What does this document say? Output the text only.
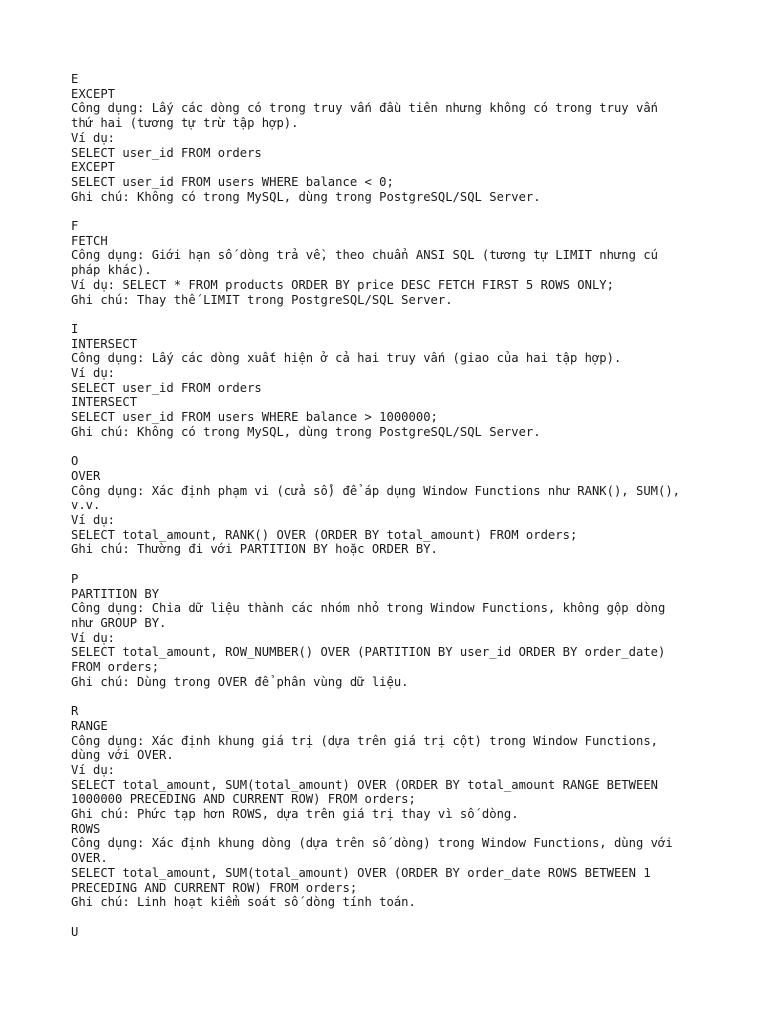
E
EXCEPT
Công dụng: Lấy các dòng có trong truy vấn đầu tiên nhưng không có trong truy vấn
thứ hai (tương tự trừ tập hợp).
Ví dụ:
SELECT user_id FROM orders
EXCEPT
SELECT user_id FROM users WHERE balance < 0;
Ghi chú: Không có trong MySQL, dùng trong PostgreSQL/SQL Server.
F
FETCH
Công dụng: Giới hạn số dòng trả về, theo chuẩn ANSI SQL (tương tự LIMIT nhưng cú
pháp khác).
Ví dụ: SELECT * FROM products ORDER BY price DESC FETCH FIRST 5 ROWS ONLY;
Ghi chú: Thay thế LIMIT trong PostgreSQL/SQL Server.
I
INTERSECT
Công dụng: Lấy các dòng xuất hiện ở cả hai truy vấn (giao của hai tập hợp).
Ví dụ:
SELECT user_id FROM orders
INTERSECT
SELECT user_id FROM users WHERE balance > 1000000;
Ghi chú: Không có trong MySQL, dùng trong PostgreSQL/SQL Server.
O
OVER
Công dụng: Xác định phạm vi (cửa sổ) để áp dụng Window Functions như RANK(), SUM(),
v.v.
Ví dụ:
SELECT total_amount, RANK() OVER (ORDER BY total_amount) FROM orders;
Ghi chú: Thường đi với PARTITION BY hoặc ORDER BY.
P
PARTITION BY
Công dụng: Chia dữ liệu thành các nhóm nhỏ trong Window Functions, không gộp dòng
như GROUP BY.
Ví dụ:
SELECT total_amount, ROW_NUMBER() OVER (PARTITION BY user_id ORDER BY order_date)
FROM orders;
Ghi chú: Dùng trong OVER để phân vùng dữ liệu.
R
RANGE
Công dụng: Xác định khung giá trị (dựa trên giá trị cột) trong Window Functions,
dùng với OVER.
Ví dụ:
SELECT total_amount, SUM(total_amount) OVER (ORDER BY total_amount RANGE BETWEEN
1000000 PRECEDING AND CURRENT ROW) FROM orders;
Ghi chú: Phức tạp hơn ROWS, dựa trên giá trị thay vì số dòng.
ROWS
Công dụng: Xác định khung dòng (dựa trên số dòng) trong Window Functions, dùng với
OVER.
SELECT total_amount, SUM(total_amount) OVER (ORDER BY order_date ROWS BETWEEN 1
PRECEDING AND CURRENT ROW) FROM orders;
Ghi chú: Linh hoạt kiểm soát số dòng tính toán.
U
